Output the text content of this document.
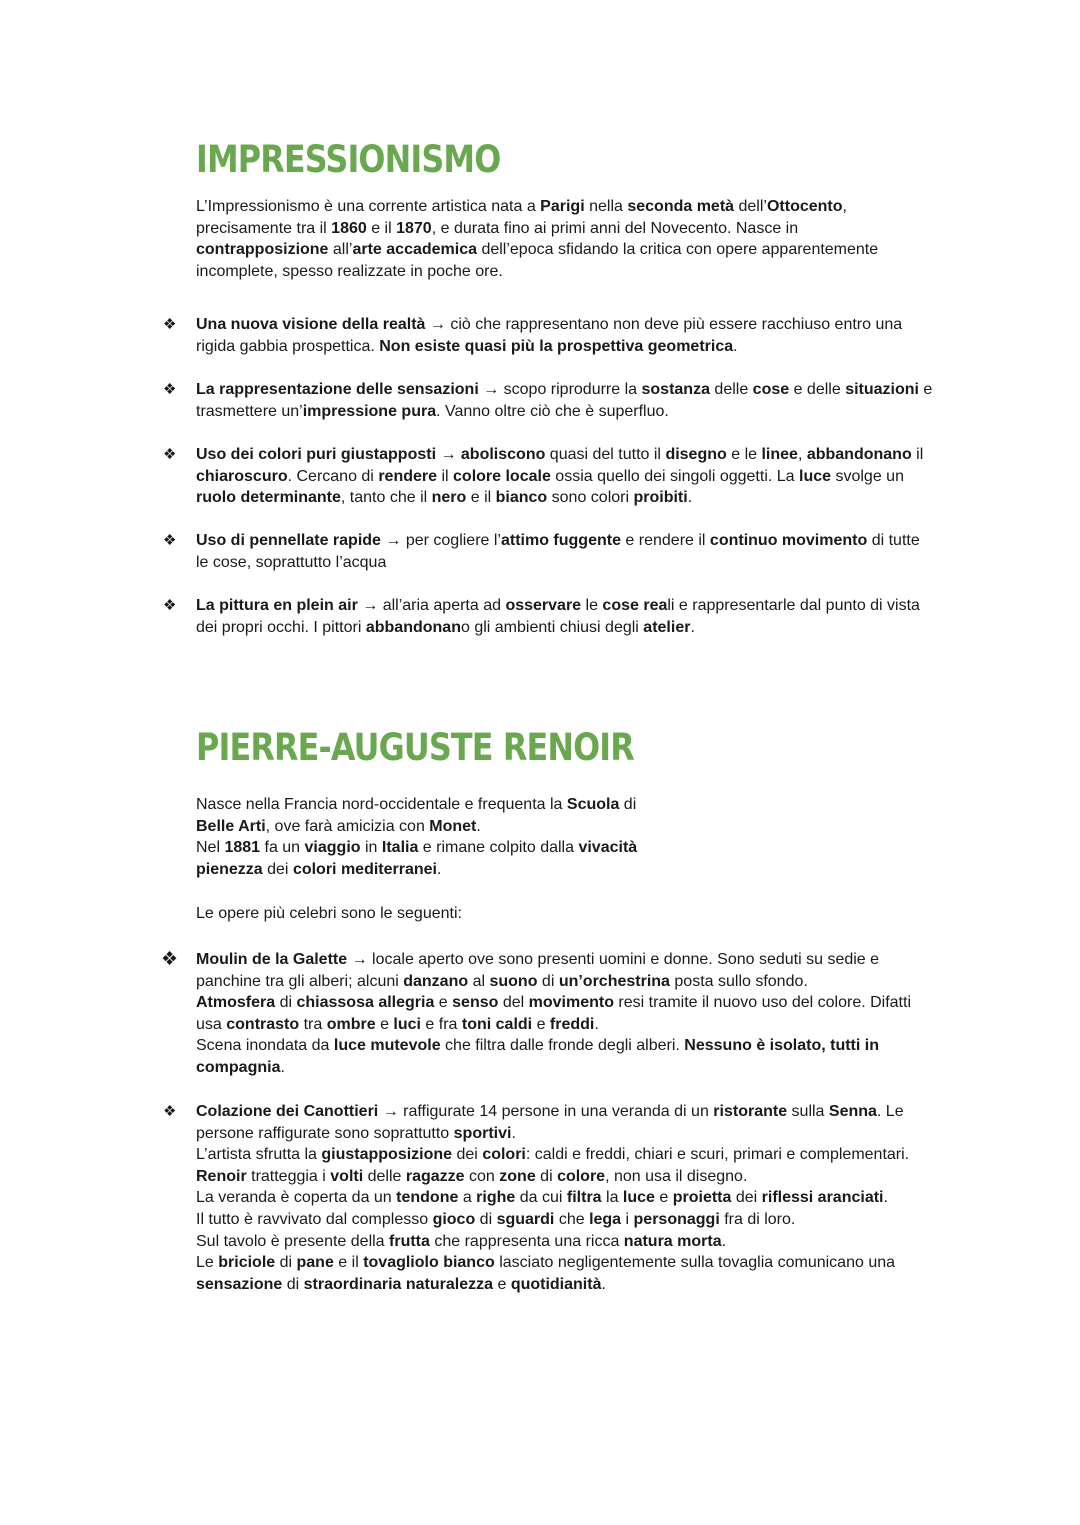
IMPRESSIONISMO

L’Impressionismo è una corrente artistica nata a Parigi nella seconda metà dell’Ottocento,
precisamente tra il 1860 e il 1870, e durata fino ai primi anni del Novecento. Nasce in
contrapposizione all’arte accademica dell’epoca sfidando la critica con opere apparentemente
incomplete, spesso realizzate in poche ore.

❖ Una nuova visione della realtà → ciò che rappresentano non deve più essere racchiuso entro una
rigida gabbia prospettica. Non esiste quasi più la prospettiva geometrica.
❖ La rappresentazione delle sensazioni → scopo riprodurre la sostanza delle cose e delle situazioni e
trasmettere un’impressione pura. Vanno oltre ciò che è superfluo.
❖ Uso dei colori puri giustapposti → aboliscono quasi del tutto il disegno e le linee, abbandonano il
chiaroscuro. Cercano di rendere il colore locale ossia quello dei singoli oggetti. La luce svolge un
ruolo determinante, tanto che il nero e il bianco sono colori proibiti.
❖ Uso di pennellate rapide → per cogliere l’attimo fuggente e rendere il continuo movimento di tutte
le cose, soprattutto l’acqua
❖ La pittura en plein air → all’aria aperta ad osservare le cose reali e rappresentarle dal punto di vista
dei propri occhi. I pittori abbandonano gli ambienti chiusi degli atelier.
PIERRE-AUGUSTE RENOIR

Nasce nella Francia nord-occidentale e frequenta la Scuola di
Belle Arti, ove farà amicizia con Monet.
Nel 1881 fa un viaggio in Italia e rimane colpito dalla vivacità
pienezza dei colori mediterranei.

Le opere più celebri sono le seguenti:

❖ Moulin de la Galette → locale aperto ove sono presenti uomini e donne. Sono seduti su sedie e
panchine tra gli alberi; alcuni danzano al suono di un’orchestrina posta sullo sfondo.
Atmosfera di chiassosa allegria e senso del movimento resi tramite il nuovo uso del colore. Difatti
usa contrasto tra ombre e luci e fra toni caldi e freddi.
Scena inondata da luce mutevole che filtra dalle fronde degli alberi. Nessuno è isolato, tutti in
compagnia.
❖ Colazione dei Canottieri → raffigurate 14 persone in una veranda di un ristorante sulla Senna. Le
persone raffigurate sono soprattutto sportivi.
L’artista sfrutta la giustapposizione dei colori: caldi e freddi, chiari e scuri, primari e complementari.
Renoir tratteggia i volti delle ragazze con zone di colore, non usa il disegno.
La veranda è coperta da un tendone a righe da cui filtra la luce e proietta dei riflessi aranciati.
Il tutto è ravvivato dal complesso gioco di sguardi che lega i personaggi fra di loro.
Sul tavolo è presente della frutta che rappresenta una ricca natura morta.
Le briciole di pane e il tovagliolo bianco lasciato negligentemente sulla tovaglia comunicano una
sensazione di straordinaria naturalezza e quotidianità.
